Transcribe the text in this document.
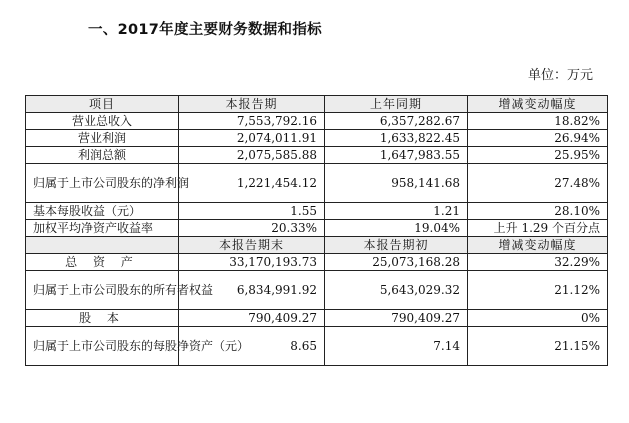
一、2017年度主要财务数据和指标
单位：万元
项目	本报告期	上年同期	增减变动幅度
营业总收入	7,553,792.16	6,357,282.67	18.82%
营业利润	2,074,011.91	1,633,822.45	26.94%
利润总额	2,075,585.88	1,647,983.55	25.95%
归属于上市公司股东的净利润	1,221,454.12	958,141.68	27.48%
基本每股收益（元）	1.55	1.21	28.10%
加权平均净资产收益率	20.33%	19.04%	上升 1.29 个百分点
	本报告期末	本报告期初	增减变动幅度
总 资 产	33,170,193.73	25,073,168.28	32.29%
归属于上市公司股东的所有者权益	6,834,991.92	5,643,029.32	21.12%
股 本	790,409.27	790,409.27	0%
归属于上市公司股东的每股净资产（元）	8.65	7.14	21.15%
